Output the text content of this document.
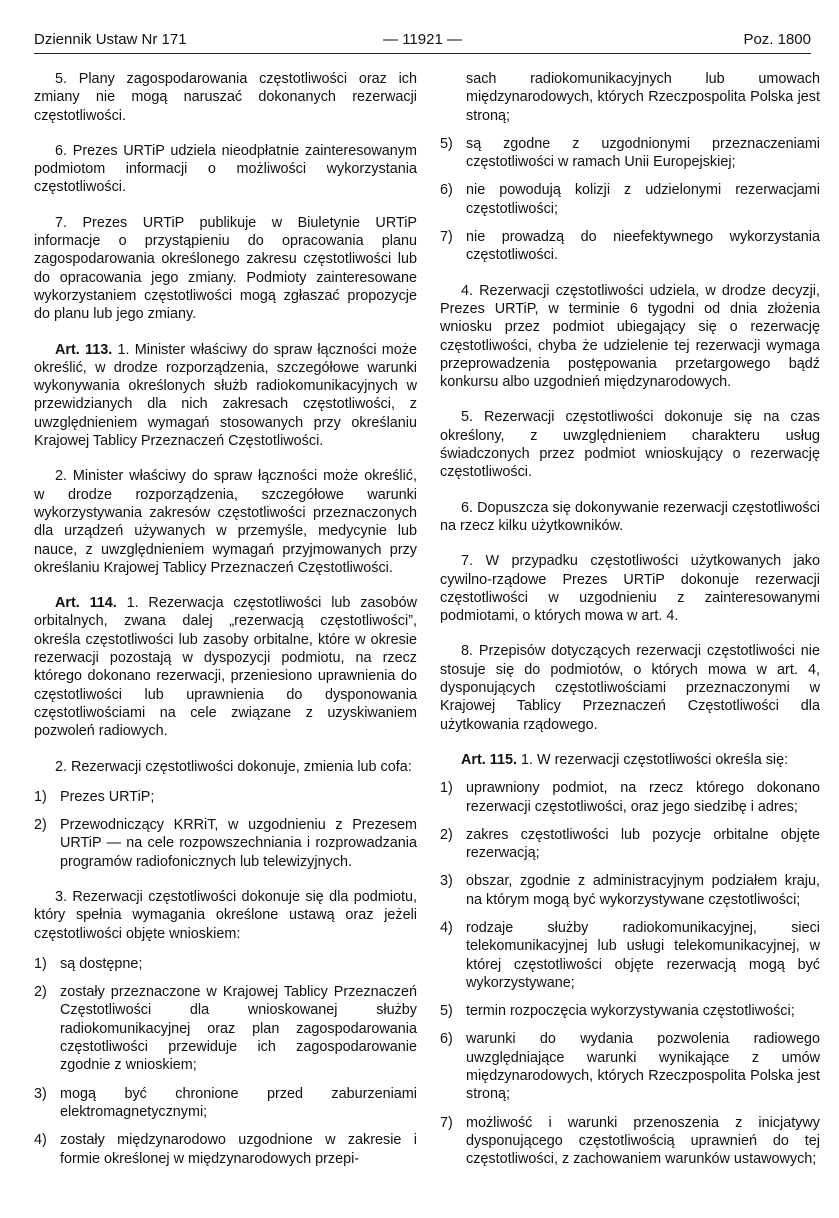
Dziennik Ustaw Nr 171	— 11921 —	Poz. 1800

5. Plany zagospodarowania częstotliwości oraz ich zmiany nie mogą naruszać dokonanych rezerwacji częstotliwości.

6. Prezes URTiP udziela nieodpłatnie zainteresowanym podmiotom informacji o możliwości wykorzystania częstotliwości.

7. Prezes URTiP publikuje w Biuletynie URTiP informacje o przystąpieniu do opracowania planu zagospodarowania określonego zakresu częstotliwości lub do opracowania jego zmiany. Podmioty zainteresowane wykorzystaniem częstotliwości mogą zgłaszać propozycje do planu lub jego zmiany.

Art. 113. 1. Minister właściwy do spraw łączności może określić, w drodze rozporządzenia, szczegółowe warunki wykonywania określonych służb radiokomunikacyjnych w przewidzianych dla nich zakresach częstotliwości, z uwzględnieniem wymagań stosowanych przy określaniu Krajowej Tablicy Przeznaczeń Częstotliwości.

2. Minister właściwy do spraw łączności może określić, w drodze rozporządzenia, szczegółowe warunki wykorzystywania zakresów częstotliwości przeznaczonych dla urządzeń używanych w przemyśle, medycynie lub nauce, z uwzględnieniem wymagań przyjmowanych przy określaniu Krajowej Tablicy Przeznaczeń Częstotliwości.

Art. 114. 1. Rezerwacja częstotliwości lub zasobów orbitalnych, zwana dalej „rezerwacją częstotliwości”, określa częstotliwości lub zasoby orbitalne, które w okresie rezerwacji pozostają w dyspozycji podmiotu, na rzecz którego dokonano rezerwacji, przeniesiono uprawnienia do częstotliwości lub uprawnienia do dysponowania częstotliwościami na cele związane z uzyskiwaniem pozwoleń radiowych.

2. Rezerwacji częstotliwości dokonuje, zmienia lub cofa:

1) Prezes URTiP;
2) Przewodniczący KRRiT, w uzgodnieniu z Prezesem URTiP — na cele rozpowszechniania i rozprowadzania programów radiofonicznych lub telewizyjnych.

3. Rezerwacji częstotliwości dokonuje się dla podmiotu, który spełnia wymagania określone ustawą oraz jeżeli częstotliwości objęte wnioskiem:

1) są dostępne;
2) zostały przeznaczone w Krajowej Tablicy Przeznaczeń Częstotliwości dla wnioskowanej służby radiokomunikacyjnej oraz plan zagospodarowania częstotliwości przewiduje ich zagospodarowanie zgodnie z wnioskiem;
3) mogą być chronione przed zaburzeniami elektromagnetycznymi;
4) zostały międzynarodowo uzgodnione w zakresie i formie określonej w międzynarodowych przepi-
sach radiokomunikacyjnych lub umowach międzynarodowych, których Rzeczpospolita Polska jest stroną;
5) są zgodne z uzgodnionymi przeznaczeniami częstotliwości w ramach Unii Europejskiej;
6) nie powodują kolizji z udzielonymi rezerwacjami częstotliwości;
7) nie prowadzą do nieefektywnego wykorzystania częstotliwości.

4. Rezerwacji częstotliwości udziela, w drodze decyzji, Prezes URTiP, w terminie 6 tygodni od dnia złożenia wniosku przez podmiot ubiegający się o rezerwację częstotliwości, chyba że udzielenie tej rezerwacji wymaga przeprowadzenia postępowania przetargowego bądź konkursu albo uzgodnień międzynarodowych.

5. Rezerwacji częstotliwości dokonuje się na czas określony, z uwzględnieniem charakteru usług świadczonych przez podmiot wnioskujący o rezerwację częstotliwości.

6. Dopuszcza się dokonywanie rezerwacji częstotliwości na rzecz kilku użytkowników.

7. W przypadku częstotliwości użytkowanych jako cywilno-rządowe Prezes URTiP dokonuje rezerwacji częstotliwości w uzgodnieniu z zainteresowanymi podmiotami, o których mowa w art. 4.

8. Przepisów dotyczących rezerwacji częstotliwości nie stosuje się do podmiotów, o których mowa w art. 4, dysponujących częstotliwościami przeznaczonymi w Krajowej Tablicy Przeznaczeń Częstotliwości dla użytkowania rządowego.

Art. 115. 1. W rezerwacji częstotliwości określa się:

1) uprawniony podmiot, na rzecz którego dokonano rezerwacji częstotliwości, oraz jego siedzibę i adres;
2) zakres częstotliwości lub pozycje orbitalne objęte rezerwacją;
3) obszar, zgodnie z administracyjnym podziałem kraju, na którym mogą być wykorzystywane częstotliwości;
4) rodzaje służby radiokomunikacyjnej, sieci telekomunikacyjnej lub usługi telekomunikacyjnej, w której częstotliwości objęte rezerwacją mogą być wykorzystywane;
5) termin rozpoczęcia wykorzystywania częstotliwości;
6) warunki do wydania pozwolenia radiowego uwzględniające warunki wynikające z umów międzynarodowych, których Rzeczpospolita Polska jest stroną;
7) możliwość i warunki przenoszenia z inicjatywy dysponującego częstotliwością uprawnień do tej częstotliwości, z zachowaniem warunków ustawowych;
